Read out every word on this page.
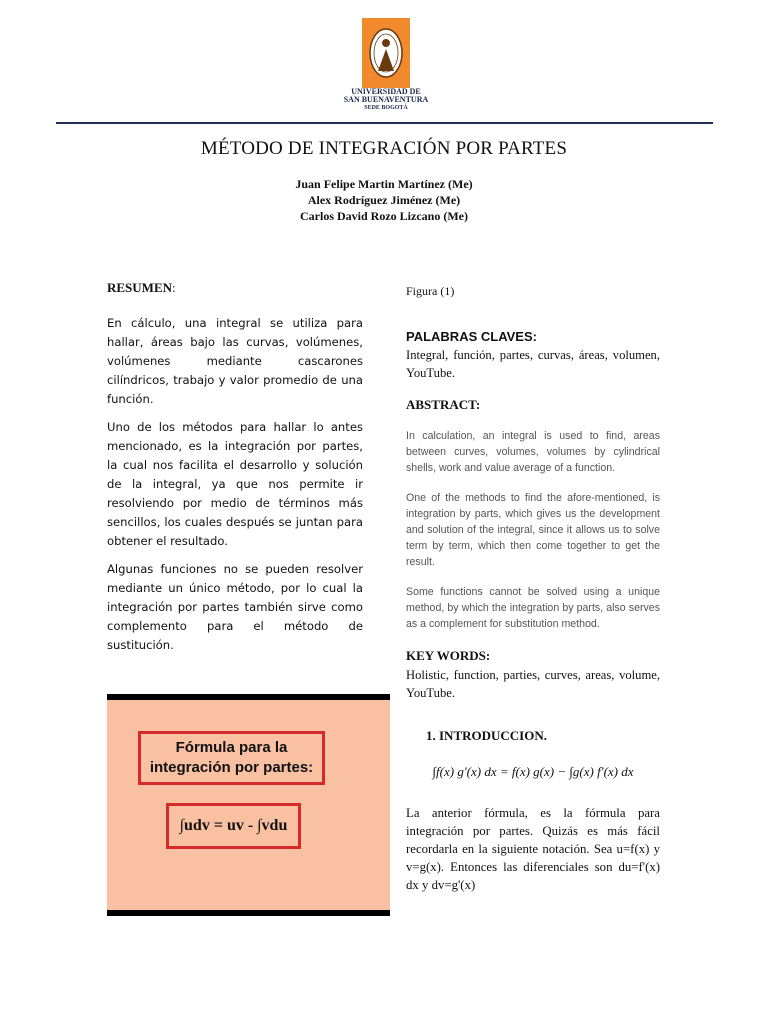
UNIVERSIDAD DE
SAN BUENAVENTURA
SEDE BOGOTÁ
MÉTODO DE INTEGRACIÓN POR PARTES
Juan Felipe Martin Martínez (Me)
Alex Rodríguez Jiménez (Me)
Carlos David Rozo Lizcano (Me)

RESUMEN:

En cálculo, una integral se utiliza para hallar, áreas bajo las curvas, volúmenes, volúmenes mediante cascarones cilíndricos, trabajo y valor promedio de una función.

Uno de los métodos para hallar lo antes mencionado, es la integración por partes, la cual nos facilita el desarrollo y solución de la integral, ya que nos permite ir resolviendo por medio de términos más sencillos, los cuales después se juntan para obtener el resultado.

Algunas funciones no se pueden resolver mediante un único método, por lo cual la integración por partes también sirve como complemento para el método de sustitución.

Fórmula para la
integración por partes:
∫udv = uv - ∫vdu

Figura (1)

PALABRAS CLAVES:

Integral, función, partes, curvas, áreas, volumen, YouTube.

ABSTRACT:

In calculation, an integral is used to find, areas between curves, volumes, volumes by cylindrical shells, work and value average of a function.

One of the methods to find the afore-mentioned, is integration by parts, which gives us the development and solution of the integral, since it allows us to solve term by term, which then come together to get the result.

Some functions cannot be solved using a unique method, by which the integration by parts, also serves as a complement for substitution method.

KEY WORDS:

Holistic, function, parties, curves, areas, volume, YouTube.

1. INTRODUCCION.

∫f(x) g′(x) dx = f(x) g(x) − ∫g(x) f′(x) dx

La anterior fórmula, es la fórmula para integración por partes. Quizás es más fácil recordarla en la siguiente notación. Sea u=f(x) y v=g(x). Entonces las diferenciales son du=f'(x) dx y dv=g'(x)
